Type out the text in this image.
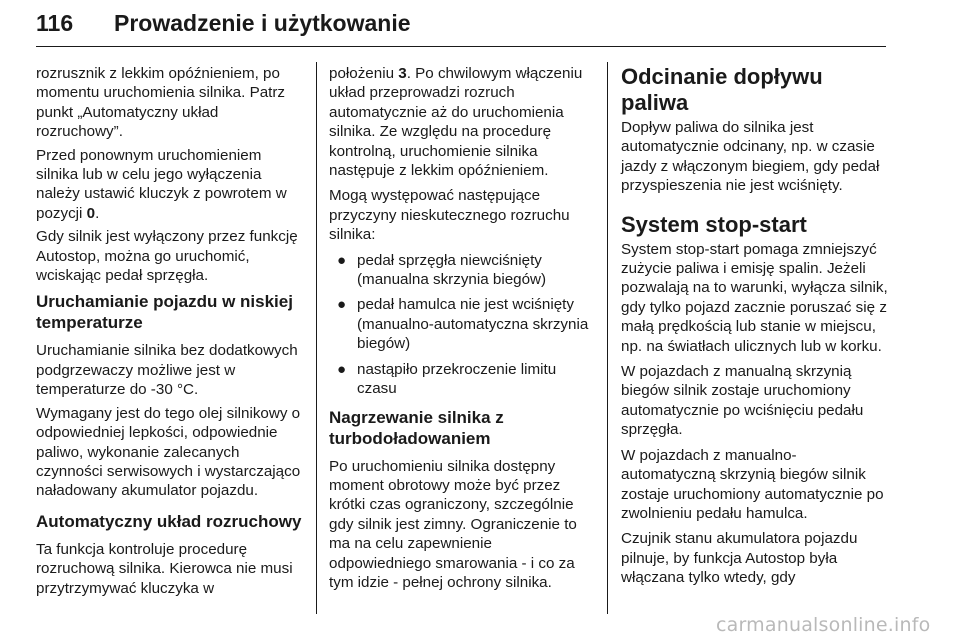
116 Prowadzenie i użytkowanie

rozrusznik z lekkim opóźnieniem, po momentu uruchomienia silnika. Patrz punkt „Automatyczny układ rozruchowy”.

Przed ponownym uruchomieniem silnika lub w celu jego wyłączenia należy ustawić kluczyk z powrotem w pozycji 0.

Gdy silnik jest wyłączony przez funkcję Autostop, można go uruchomić, wciskając pedał sprzęgła.

Uruchamianie pojazdu w niskiej temperaturze

Uruchamianie silnika bez dodatkowych podgrzewaczy możliwe jest w temperaturze do -30 °C.

Wymagany jest do tego olej silnikowy o odpowiedniej lepkości, odpowiednie paliwo, wykonanie zalecanych czynności serwisowych i wystarczająco naładowany akumulator pojazdu.

Automatyczny układ rozruchowy

Ta funkcja kontroluje procedurę rozruchową silnika. Kierowca nie musi przytrzymywać kluczyka w

położeniu 3. Po chwilowym włączeniu układ przeprowadzi rozruch automatycznie aż do uruchomienia silnika. Ze względu na procedurę kontrolną, uruchomienie silnika następuje z lekkim opóźnieniem.

Mogą występować następujące przyczyny nieskutecznego rozruchu silnika:

● pedał sprzęgła niewciśnięty (manualna skrzynia biegów)
● pedał hamulca nie jest wciśnięty (manualno-automatyczna skrzynia biegów)
● nastąpiło przekroczenie limitu czasu
Nagrzewanie silnika z turbodoładowaniem

Po uruchomieniu silnika dostępny moment obrotowy może być przez krótki czas ograniczony, szczególnie gdy silnik jest zimny. Ograniczenie to ma na celu zapewnienie odpowiedniego smarowania - i co za tym idzie - pełnej ochrony silnika.

Odcinanie dopływu paliwa

Dopływ paliwa do silnika jest automatycznie odcinany, np. w czasie jazdy z włączonym biegiem, gdy pedał przyspieszenia nie jest wciśnięty.

System stop-start

System stop-start pomaga zmniejszyć zużycie paliwa i emisję spalin. Jeżeli pozwalają na to warunki, wyłącza silnik, gdy tylko pojazd zacznie poruszać się z małą prędkością lub stanie w miejscu, np. na światłach ulicznych lub w korku.

W pojazdach z manualną skrzynią biegów silnik zostaje uruchomiony automatycznie po wciśnięciu pedału sprzęgła.

W pojazdach z manualno-automatyczną skrzynią biegów silnik zostaje uruchomiony automatycznie po zwolnieniu pedału hamulca.

Czujnik stanu akumulatora pojazdu pilnuje, by funkcja Autostop była włączana tylko wtedy, gdy

carmanualsonline.info
